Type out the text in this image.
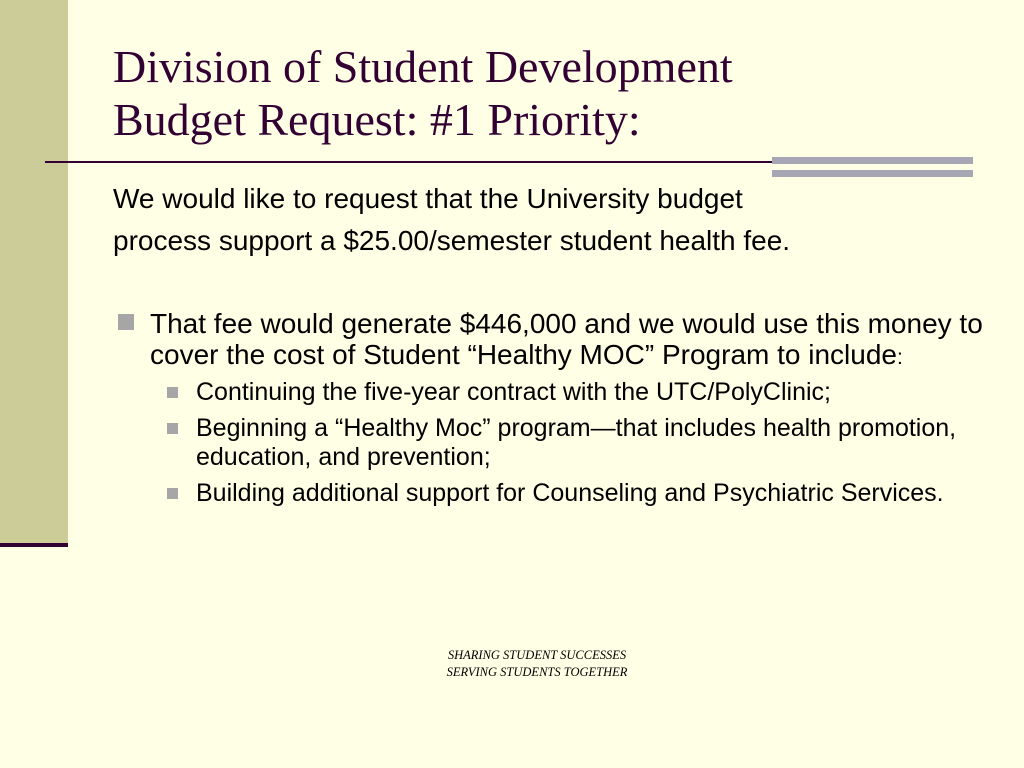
Division of Student Development
Budget Request: #1 Priority:

We would like to request that the University budget
process support a $25.00/semester student health fee.

That fee would generate $446,000 and we would use this money to cover the cost of Student “Healthy MOC” Program to include:
Continuing the five-year contract with the UTC/PolyClinic;
Beginning a “Healthy Moc” program—that includes health promotion, education, and prevention;
Building additional support for Counseling and Psychiatric Services.
SHARING STUDENT SUCCESSES
SERVING STUDENTS TOGETHER
